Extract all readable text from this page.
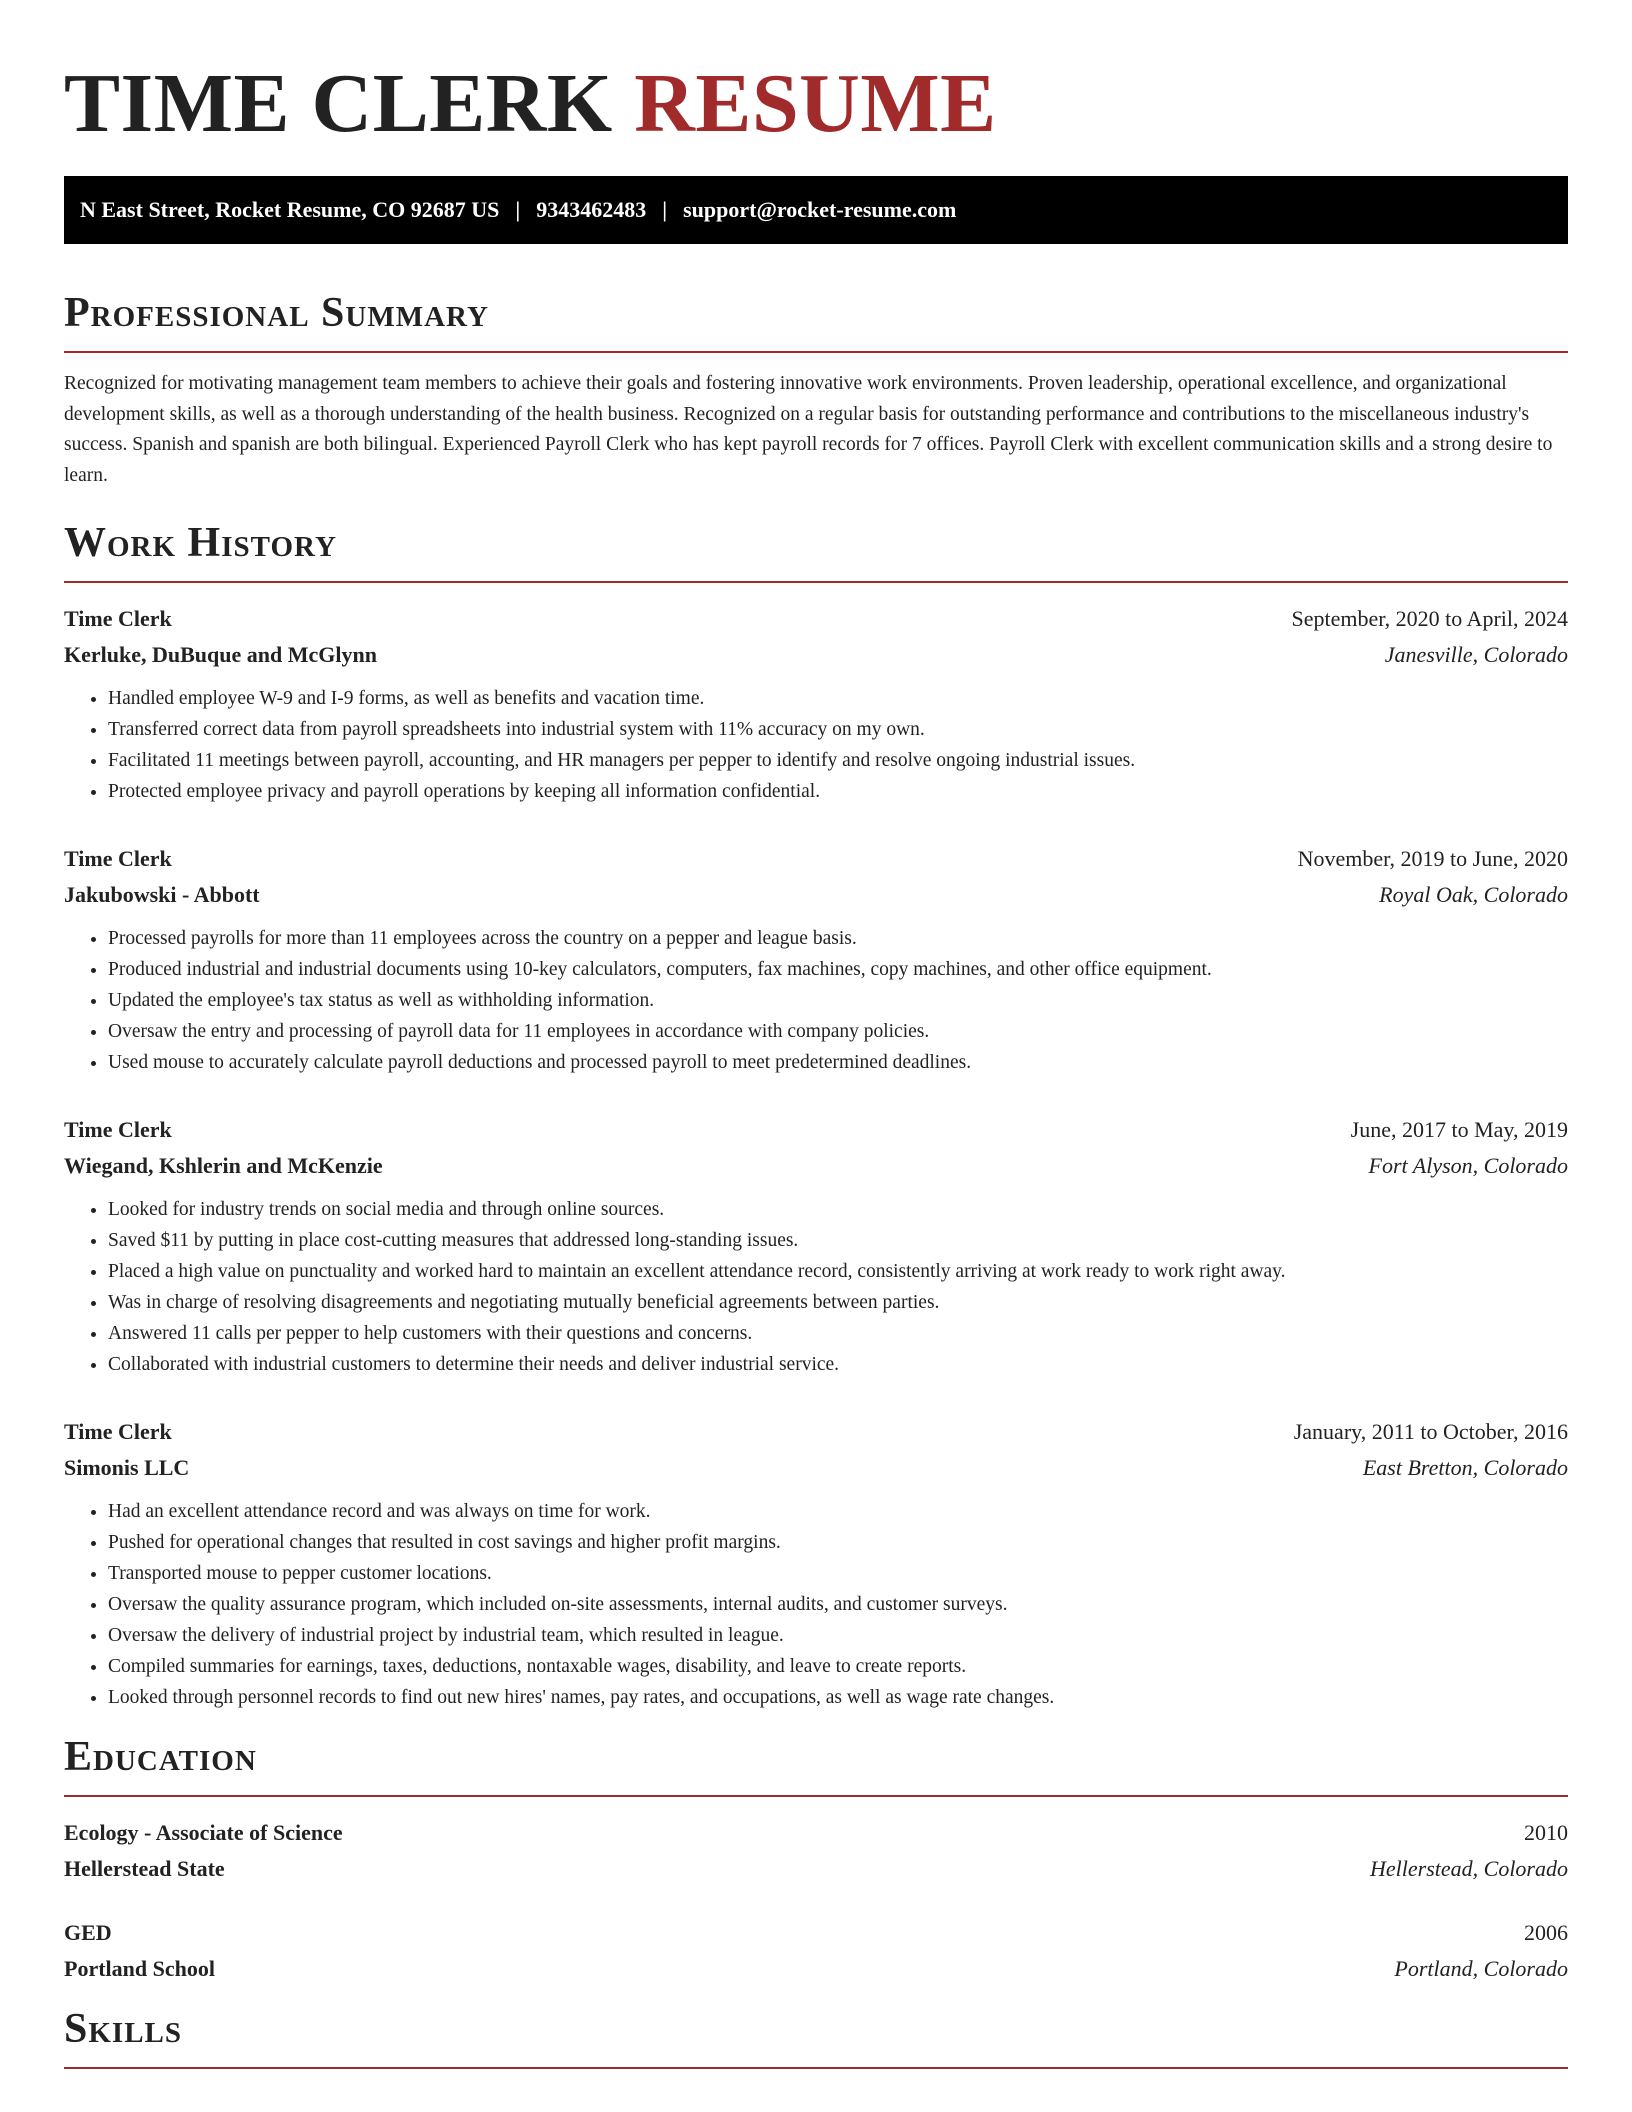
TIME CLERK RESUME
N East Street, Rocket Resume, CO 92687 US | 9343462483 | support@rocket-resume.com
Professional Summary

Recognized for motivating management team members to achieve their goals and fostering innovative work environments. Proven leadership, operational excellence, and organizational development skills, as well as a thorough understanding of the health business. Recognized on a regular basis for outstanding performance and contributions to the miscellaneous industry's success. Spanish and spanish are both bilingual. Experienced Payroll Clerk who has kept payroll records for 7 offices. Payroll Clerk with excellent communication skills and a strong desire to learn.

Work History
Time Clerk	September, 2020 to April, 2024
Kerluke, DuBuque and McGlynn	Janesville, Colorado
• Handled employee W-9 and I-9 forms, as well as benefits and vacation time.
• Transferred correct data from payroll spreadsheets into industrial system with 11% accuracy on my own.
• Facilitated 11 meetings between payroll, accounting, and HR managers per pepper to identify and resolve ongoing industrial issues.
• Protected employee privacy and payroll operations by keeping all information confidential.
Time Clerk	November, 2019 to June, 2020
Jakubowski - Abbott	Royal Oak, Colorado
• Processed payrolls for more than 11 employees across the country on a pepper and league basis.
• Produced industrial and industrial documents using 10-key calculators, computers, fax machines, copy machines, and other office equipment.
• Updated the employee's tax status as well as withholding information.
• Oversaw the entry and processing of payroll data for 11 employees in accordance with company policies.
• Used mouse to accurately calculate payroll deductions and processed payroll to meet predetermined deadlines.
Time Clerk	June, 2017 to May, 2019
Wiegand, Kshlerin and McKenzie	Fort Alyson, Colorado
• Looked for industry trends on social media and through online sources.
• Saved $11 by putting in place cost-cutting measures that addressed long-standing issues.
• Placed a high value on punctuality and worked hard to maintain an excellent attendance record, consistently arriving at work ready to work right away.
• Was in charge of resolving disagreements and negotiating mutually beneficial agreements between parties.
• Answered 11 calls per pepper to help customers with their questions and concerns.
• Collaborated with industrial customers to determine their needs and deliver industrial service.
Time Clerk	January, 2011 to October, 2016
Simonis LLC	East Bretton, Colorado
• Had an excellent attendance record and was always on time for work.
• Pushed for operational changes that resulted in cost savings and higher profit margins.
• Transported mouse to pepper customer locations.
• Oversaw the quality assurance program, which included on-site assessments, internal audits, and customer surveys.
• Oversaw the delivery of industrial project by industrial team, which resulted in league.
• Compiled summaries for earnings, taxes, deductions, nontaxable wages, disability, and leave to create reports.
• Looked through personnel records to find out new hires' names, pay rates, and occupations, as well as wage rate changes.
Education
Ecology - Associate of Science	2010
Hellerstead State	Hellerstead, Colorado
GED	2006
Portland School	Portland, Colorado
Skills
